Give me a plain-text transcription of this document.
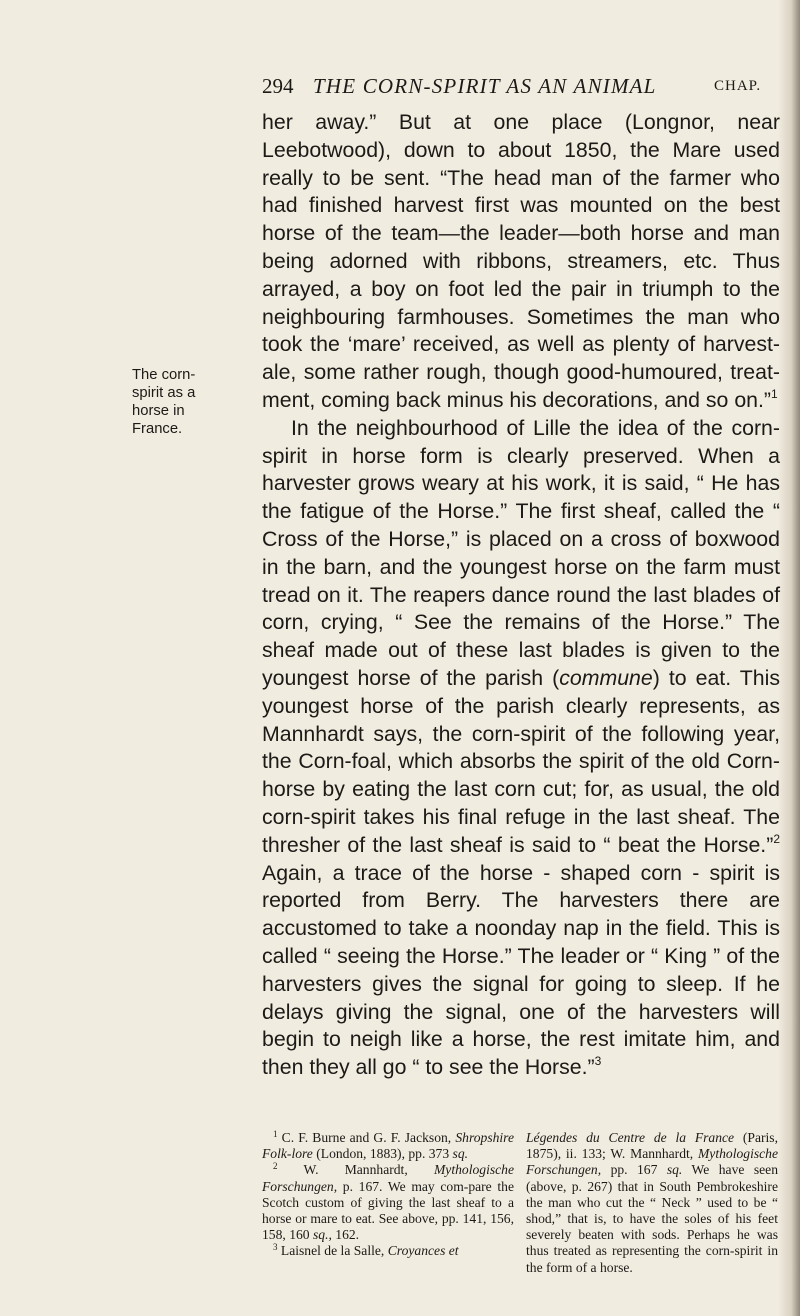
294 THE CORN-SPIRIT AS AN ANIMAL	CHAP.
The corn-
spirit as a
horse in
France.

her away.” But at one place (Longnor, near Leebotwood), down to about 1850, the Mare used really to be sent. “The head man of the farmer who had finished harvest first was mounted on the best horse of the team—the leader—both horse and man being adorned with ribbons, streamers, etc. Thus arrayed, a boy on foot led the pair in triumph to the neighbouring farmhouses. Sometimes the man who took the ‘mare’ received, as well as plenty of harvest-ale, some rather rough, though good-humoured, treat-ment, coming back minus his decorations, and so on.”$^1$

In the neighbourhood of Lille the idea of the corn-spirit in horse form is clearly preserved. When a harvester grows weary at his work, it is said, “ He has the fatigue of the Horse.” The first sheaf, called the “ Cross of the Horse,” is placed on a cross of boxwood in the barn, and the youngest horse on the farm must tread on it. The reapers dance round the last blades of corn, crying, “ See the remains of the Horse.” The sheaf made out of these last blades is given to the youngest horse of the parish (commune) to eat. This youngest horse of the parish clearly represents, as Mannhardt says, the corn-spirit of the following year, the Corn-foal, which absorbs the spirit of the old Corn-horse by eating the last corn cut; for, as usual, the old corn-spirit takes his final refuge in the last sheaf. The thresher of the last sheaf is said to “ beat the Horse.”$^2$ Again, a trace of the horse - shaped corn - spirit is reported from Berry. The harvesters there are accustomed to take a noonday nap in the field. This is called “ seeing the Horse.” The leader or “ King ” of the harvesters gives the signal for going to sleep. If he delays giving the signal, one of the harvesters will begin to neigh like a horse, the rest imitate him, and then they all go “ to see the Horse.”$^3$

$^1$ C. F. Burne and G. F. Jackson, Shropshire Folk-lore (London, 1883), pp. 373 sq.

$^2$ W. Mannhardt, Mythologische Forschungen, p. 167. We may com-pare the Scotch custom of giving the last sheaf to a horse or mare to eat. See above, pp. 141, 156, 158, 160 sq., 162.

$^3$ Laisnel de la Salle, Croyances et

Légendes du Centre de la France (Paris, 1875), ii. 133; W. Mannhardt, Mythologische Forschungen, pp. 167 sq. We have seen (above, p. 267) that in South Pembrokeshire the man who cut the “ Neck ” used to be “ shod,” that is, to have the soles of his feet severely beaten with sods. Perhaps he was thus treated as representing the corn-spirit in the form of a horse.
